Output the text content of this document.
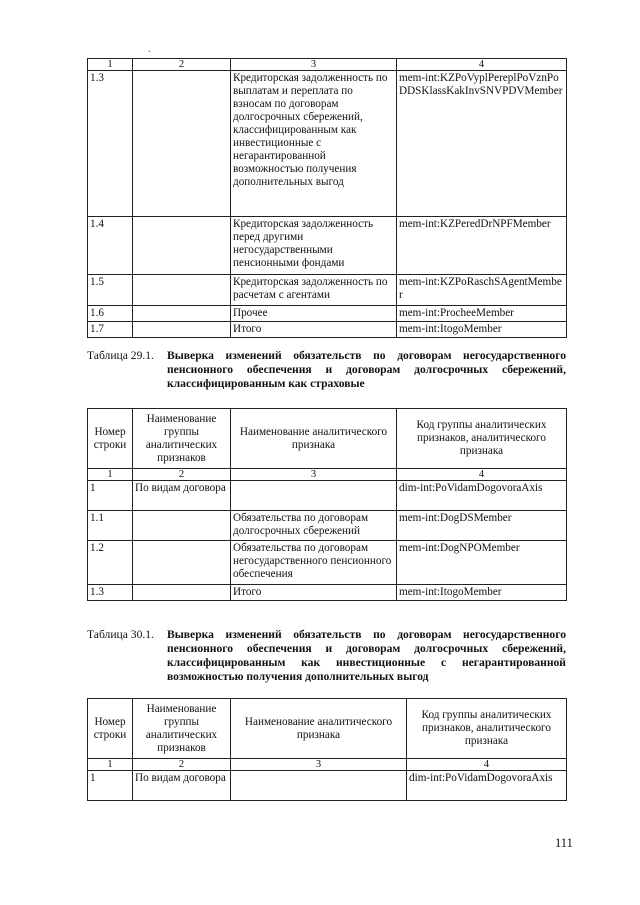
.
1	2	3	4
1.3		Кредиторская задолженность по выплатам и переплата по взносам по договорам долгосрочных сбережений, классифицированным как инвестиционные с негарантированной возможностью получения дополнительных выгод	mem-int:KZPoVyplPereplPoVznPoDDSKlassKakInvSNVPDVMember
1.4		Кредиторская задолженность перед другими негосударственными пенсионными фондами	mem-int:KZPeredDrNPFMember
1.5		Кредиторская задолженность по расчетам с агентами	mem-int:KZPoRaschSAgentMember
1.6		Прочее	mem-int:ProcheeMember
1.7		Итого	mem-int:ItogoMember
Таблица 29.1. Выверка изменений обязательств по договорам негосударственного пенсионного обеспечения и договорам долгосрочных сбережений, классифицированным как страховые
Номер строки	Наименование группы аналитических признаков	Наименование аналитического признака	Код группы аналитических признаков, аналитического признака
1	2	3	4
1	По видам договора		dim-int:PoVidamDogovoraAxis
1.1		Обязательства по договорам долгосрочных сбережений	mem-int:DogDSMember
1.2		Обязательства по договорам негосударственного пенсионного обеспечения	mem-int:DogNPOMember
1.3		Итого	mem-int:ItogoMember
Таблица 30.1. Выверка изменений обязательств по договорам негосударственного пенсионного обеспечения и договорам долгосрочных сбережений, классифицированным как инвестиционные с негарантированной возможностью получения дополнительных выгод
Номер строки	Наименование группы аналитических признаков	Наименование аналитического признака	Код группы аналитических признаков, аналитического признака
1	2	3	4
1	По видам договора		dim-int:PoVidamDogovoraAxis
111
